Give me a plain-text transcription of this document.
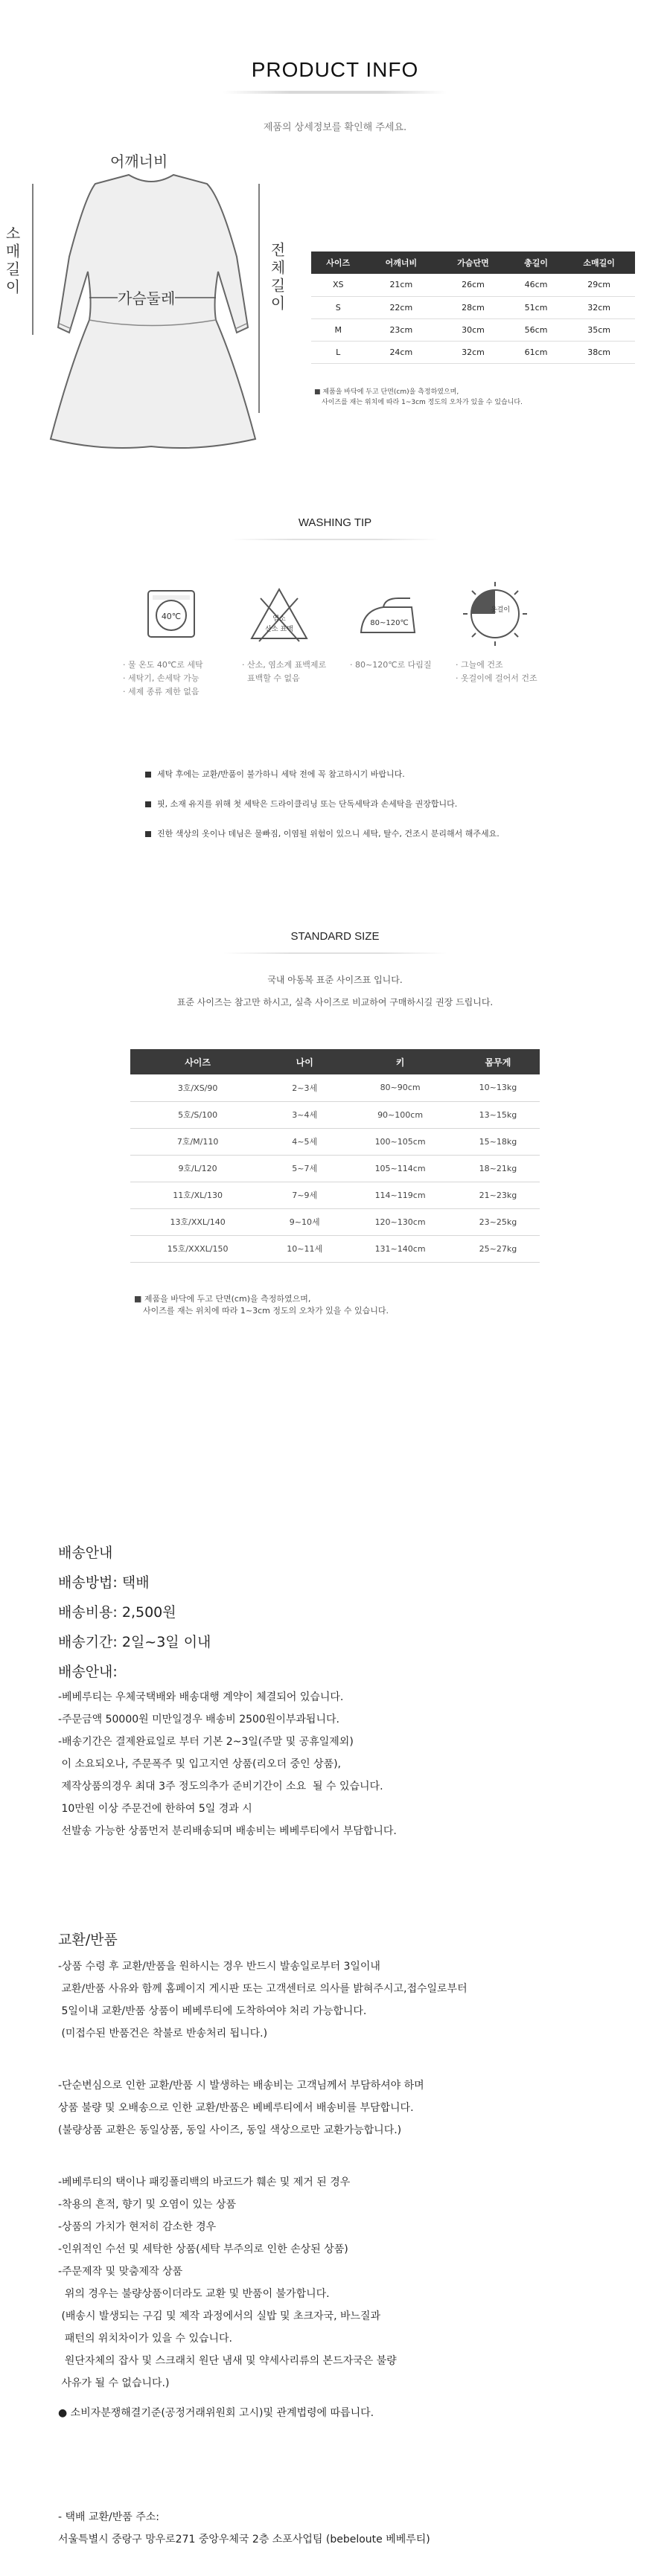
PRODUCT INFO
제품의 상세정보를 확인해 주세요.
어깨너비
소매길이
가슴둘레	전체길이	사이즈	어깨너비	가슴단면	총길이	소매길이
XS	21cm	26cm	46cm	29cm
S	22cm	28cm	51cm	32cm
M	23cm	30cm	56cm	35cm
L	24cm	32cm	61cm	38cm
■ 제품을 바닥에 두고 단면(cm)을 측정하였으며,
사이즈를 재는 위치에 따라 1~3cm 정도의 오차가 있을 수 있습니다.
WASHING TIP
40℃	염소
산소 표백
80~120℃
옷걸이
· 물 온도 40℃로 세탁
· 세탁기, 손세탁 가능
· 세제 종류 제한 없음
· 산소, 염소계 표백제로
표백할 수 없음
· 80~120℃로 다림질	· 그늘에 건조
· 옷걸이에 걸어서 건조
세탁 후에는 교환/반품이 불가하니 세탁 전에 꼭 참고하시기 바랍니다.
핏, 소재 유지를 위해 첫 세탁은 드라이클리닝 또는 단독세탁과 손세탁을 권장합니다.
진한 색상의 옷이나 데님은 물빠짐, 이염될 위험이 있으니 세탁, 탈수, 건조시 분리해서 해주세요.
STANDARD SIZE
국내 아동복 표준 사이즈표 입니다.
표준 사이즈는 참고만 하시고, 실측 사이즈로 비교하여 구매하시길 권장 드립니다.
사이즈	나이	키	몸무게
3호/XS/90	2~3세	80~90cm	10~13kg
5호/S/100	3~4세	90~100cm	13~15kg
7호/M/110	4~5세	100~105cm	15~18kg
9호/L/120	5~7세	105~114cm	18~21kg
11호/XL/130	7~9세	114~119cm	21~23kg
13호/XXL/140	9~10세	120~130cm	23~25kg
15호/XXXL/150	10~11세	131~140cm	25~27kg
■ 제품을 바닥에 두고 단면(cm)을 측정하였으며,
사이즈를 재는 위치에 따라 1~3cm 정도의 오차가 있을 수 있습니다.
배송안내
배송방법: 택배
배송비용: 2,500원
배송기간: 2일~3일 이내
배송안내:
-베베루티는 우체국택배와 배송대행 계약이 체결되어 있습니다.
-주문금액 50000원 미만일경우 배송비 2500원이부과됩니다.
-배송기간은 결제완료일로 부터 기본 2~3일(주말 및 공휴일제외)
이 소요되오나, 주문폭주 및 입고지연 상품(리오더 중인 상품),
제작상품의경우 최대 3주 정도의추가 준비기간이 소요  될 수 있습니다.
10만원 이상 주문건에 한하여 5일 경과 시
선발송 가능한 상품먼저 분리배송되며 배송비는 베베루티에서 부담합니다.
교환/반품
-상품 수령 후 교환/반품을 원하시는 경우 반드시 발송일로부터 3일이내
교환/반품 사유와 함께 홈페이지 게시판 또는 고객센터로 의사를 밝혀주시고,접수일로부터
5일이내 교환/반품 상품이 베베루티에 도착하여야 처리 가능합니다.
(미접수된 반품건은 착불로 반송처리 됩니다.)
-단순변심으로 인한 교환/반품 시 발생하는 배송비는 고객님께서 부담하셔야 하며
상품 불량 및 오배송으로 인한 교환/반품은 베베루티에서 배송비를 부담합니다.
(불량상품 교환은 동일상품, 동일 사이즈, 동일 색상으로만 교환가능합니다.)
-베베루티의 택이나 패킹폴리백의 바코드가 훼손 및 제거 된 경우
-착용의 흔적, 향기 및 오염이 있는 상품
-상품의 가치가 현저히 감소한 경우
-인위적인 수선 및 세탁한 상품(세탁 부주의로 인한 손상된 상품)
-주문제작 및 맞춤제작 상품
위의 경우는 불량상품이더라도 교환 및 반품이 불가합니다.
(배송시 발생되는 구김 및 제작 과정에서의 실밥 및 초크자국, 바느질과
패턴의 위치차이가 있을 수 있습니다.
원단자체의 잡사 및 스크래치 원단 냄새 및 약세사리류의 본드자국은 불량
사유가 될 수 없습니다.)
● 소비자분쟁해결기준(공정거래위원회 고시)및 관계법령에 따릅니다.
- 택배 교환/반품 주소:
서울특별시 중랑구 망우로271 중앙우체국 2층 소포사업팀 (bebeloute 베베루티)
